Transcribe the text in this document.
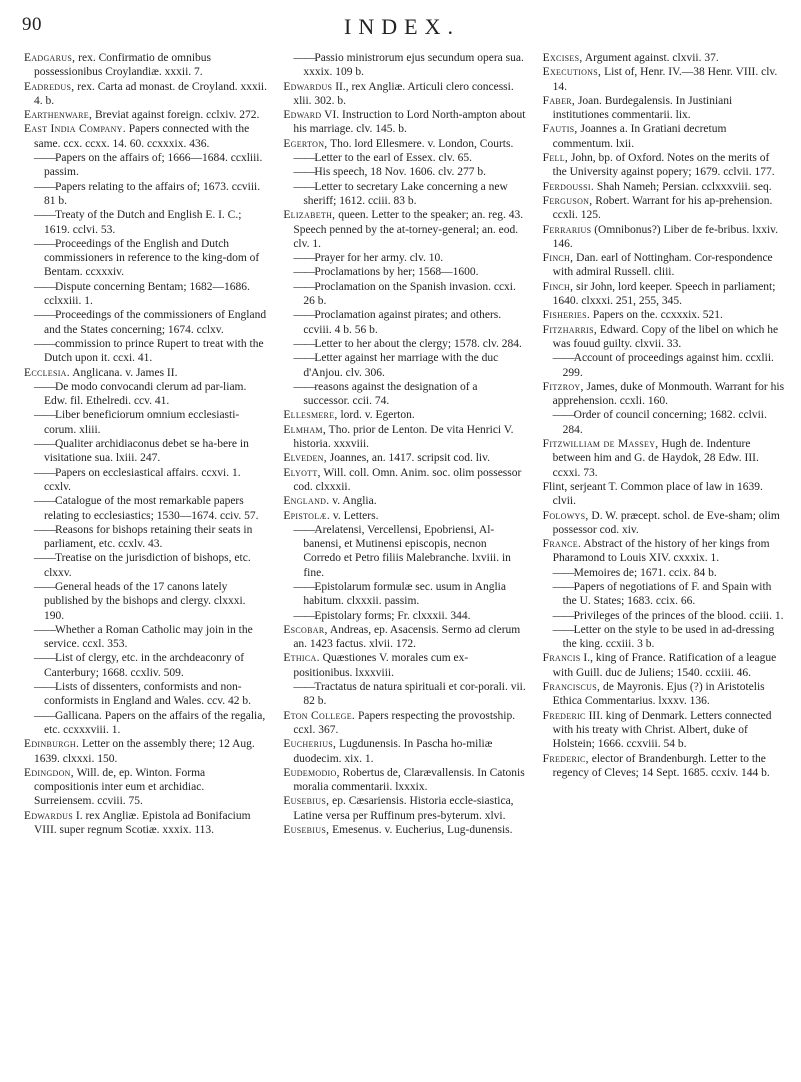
90	INDEX.

Eadgarus, rex. Confirmatio de omnibus possessionibus Croylandiæ. xxxii. 7.

Eadredus, rex. Carta ad monast. de Croyland. xxxii. 4. b.

Earthenware, Breviat against foreign. cclxiv. 272.

East India Company. Papers connected with the same. ccx. ccxx. 14. 60. ccxxxix. 436.

—— Papers on the affairs of; 1666—1684. ccxliii. passim.

—— Papers relating to the affairs of; 1673. ccviii. 81 b.

—— Treaty of the Dutch and English E. I. C.; 1619. cclvi. 53.

—— Proceedings of the English and Dutch commissioners in reference to the king-dom of Bentam. ccxxxiv.

—— Dispute concerning Bentam; 1682—1686. cclxxiii. 1.

—— Proceedings of the commissioners of England and the States concerning; 1674. cclxv.

—— commission to prince Rupert to treat with the Dutch upon it. ccxi. 41.

Ecclesia. Anglicana. v. James II.

—— De modo convocandi clerum ad par-liam. Edw. fil. Ethelredi. ccv. 41.

—— Liber beneficiorum omnium ecclesiasti-corum. xliii.

—— Qualiter archidiaconus debet se ha-bere in visitatione sua. lxiii. 247.

—— Papers on ecclesiastical affairs. ccxvi. 1. ccxlv.

—— Catalogue of the most remarkable papers relating to ecclesiastics; 1530—1674. cciv. 57.

—— Reasons for bishops retaining their seats in parliament, etc. ccxlv. 43.

—— Treatise on the jurisdiction of bishops, etc. clxxv.

—— General heads of the 17 canons lately published by the bishops and clergy. clxxxi. 190.

—— Whether a Roman Catholic may join in the service. ccxl. 353.

—— List of clergy, etc. in the archdeaconry of Canterbury; 1668. ccxliv. 509.

—— Lists of dissenters, conformists and non-conformists in England and Wales. ccv. 42 b.

—— Gallicana. Papers on the affairs of the regalia, etc. ccxxxviii. 1.

Edinburgh. Letter on the assembly there; 12 Aug. 1639. clxxxi. 150.

Edingdon, Will. de, ep. Winton. Forma compositionis inter eum et archidiac. Surreiensem. ccviii. 75.

Edwardus I. rex Angliæ. Epistola ad Bonifacium VIII. super regnum Scotiæ. xxxix. 113.

—— Passio ministrorum ejus secundum opera sua. xxxix. 109 b.

Edwardus II., rex Angliæ. Articuli clero concessi. xlii. 302. b.

Edward VI. Instruction to Lord North-ampton about his marriage. clv. 145. b.

Egerton, Tho. lord Ellesmere. v. London, Courts.

—— Letter to the earl of Essex. clv. 65.

—— His speech, 18 Nov. 1606. clv. 277 b.

—— Letter to secretary Lake concerning a new sheriff; 1612. cciii. 83 b.

Elizabeth, queen. Letter to the speaker; an. reg. 43. Speech penned by the at-torney-general; an. eod. clv. 1.

—— Prayer for her army. clv. 10.

—— Proclamations by her; 1568—1600.

—— Proclamation on the Spanish invasion. ccxi. 26 b.

—— Proclamation against pirates; and others. ccviii. 4 b. 56 b.

—— Letter to her about the clergy; 1578. clv. 284.

—— Letter against her marriage with the duc d'Anjou. clv. 306.

—— reasons against the designation of a successor. ccii. 74.

Ellesmere, lord. v. Egerton.

Elmham, Tho. prior de Lenton. De vita Henrici V. historia. xxxviii.

Elveden, Joannes, an. 1417. scripsit cod. liv.

Elyott, Will. coll. Omn. Anim. soc. olim possessor cod. clxxxii.

England. v. Anglia.

Epistolæ. v. Letters.

—— Arelatensi, Vercellensi, Epobriensi, Al-banensi, et Mutinensi episcopis, necnon Corredo et Petro filiis Malebranche. lxviii. in fine.

—— Epistolarum formulæ sec. usum in Anglia habitum. clxxxii. passim.

—— Epistolary forms; Fr. clxxxii. 344.

Escobar, Andreas, ep. Asacensis. Sermo ad clerum an. 1423 factus. xlvii. 172.

Ethica. Quæstiones V. morales cum ex-positionibus. lxxxviii.

—— Tractatus de natura spirituali et cor-porali. vii. 82 b.

Eton College. Papers respecting the provostship. ccxl. 367.

Eucherius, Lugdunensis. In Pascha ho-miliæ duodecim. xix. 1.

Eudemodio, Robertus de, Clarævallensis. In Catonis moralia commentarii. lxxxix.

Eusebius, ep. Cæsariensis. Historia eccle-siastica, Latine versa per Ruffinum pres-byterum. xlvi.

Eusebius, Emesenus. v. Eucherius, Lug-dunensis.

Excises, Argument against. clxvii. 37.

Executions, List of, Henr. IV.—38 Henr. VIII. clv. 14.

Faber, Joan. Burdegalensis. In Justiniani institutiones commentarii. lix.

Fautis, Joannes a. In Gratiani decretum commentum. lxii.

Fell, John, bp. of Oxford. Notes on the merits of the University against popery; 1679. cclvii. 177.

Ferdoussi. Shah Nameh; Persian. cclxxxviii. seq.

Ferguson, Robert. Warrant for his ap-prehension. ccxli. 125.

Ferrarius (Omnibonus?) Liber de fe-bribus. lxxiv. 146.

Finch, Dan. earl of Nottingham. Cor-respondence with admiral Russell. cliii.

Finch, sir John, lord keeper. Speech in parliament; 1640. clxxxi. 251, 255, 345.

Fisheries. Papers on the. ccxxxix. 521.

Fitzharris, Edward. Copy of the libel on which he was fouud guilty. clxvii. 33.

—— Account of proceedings against him. ccxlii. 299.

Fitzroy, James, duke of Monmouth. Warrant for his apprehension. ccxli. 160.

—— Order of council concerning; 1682. cclvii. 284.

Fitzwilliam de Massey, Hugh de. Indenture between him and G. de Haydok, 28 Edw. III. ccxxi. 73.

Flint, serjeant T. Common place of law in 1639. clvii.

Folowys, D. W. præcept. schol. de Eve-sham; olim possessor cod. xiv.

France. Abstract of the history of her kings from Pharamond to Louis XIV. cxxxix. 1.

—— Memoires de; 1671. ccix. 84 b.

—— Papers of negotiations of F. and Spain with the U. States; 1683. ccix. 66.

—— Privileges of the princes of the blood. cciii. 1.

—— Letter on the style to be used in ad-dressing the king. ccxiii. 3 b.

Francis I., king of France. Ratification of a league with Guill. duc de Juliens; 1540. ccxiii. 46.

Franciscus, de Mayronis. Ejus (?) in Aristotelis Ethica Commentarius. lxxxv. 136.

Frederic III. king of Denmark. Letters connected with his treaty with Christ. Albert, duke of Holstein; 1666. ccxviii. 54 b.

Frederic, elector of Brandenburgh. Letter to the regency of Cleves; 14 Sept. 1685. ccxiv. 144 b.
